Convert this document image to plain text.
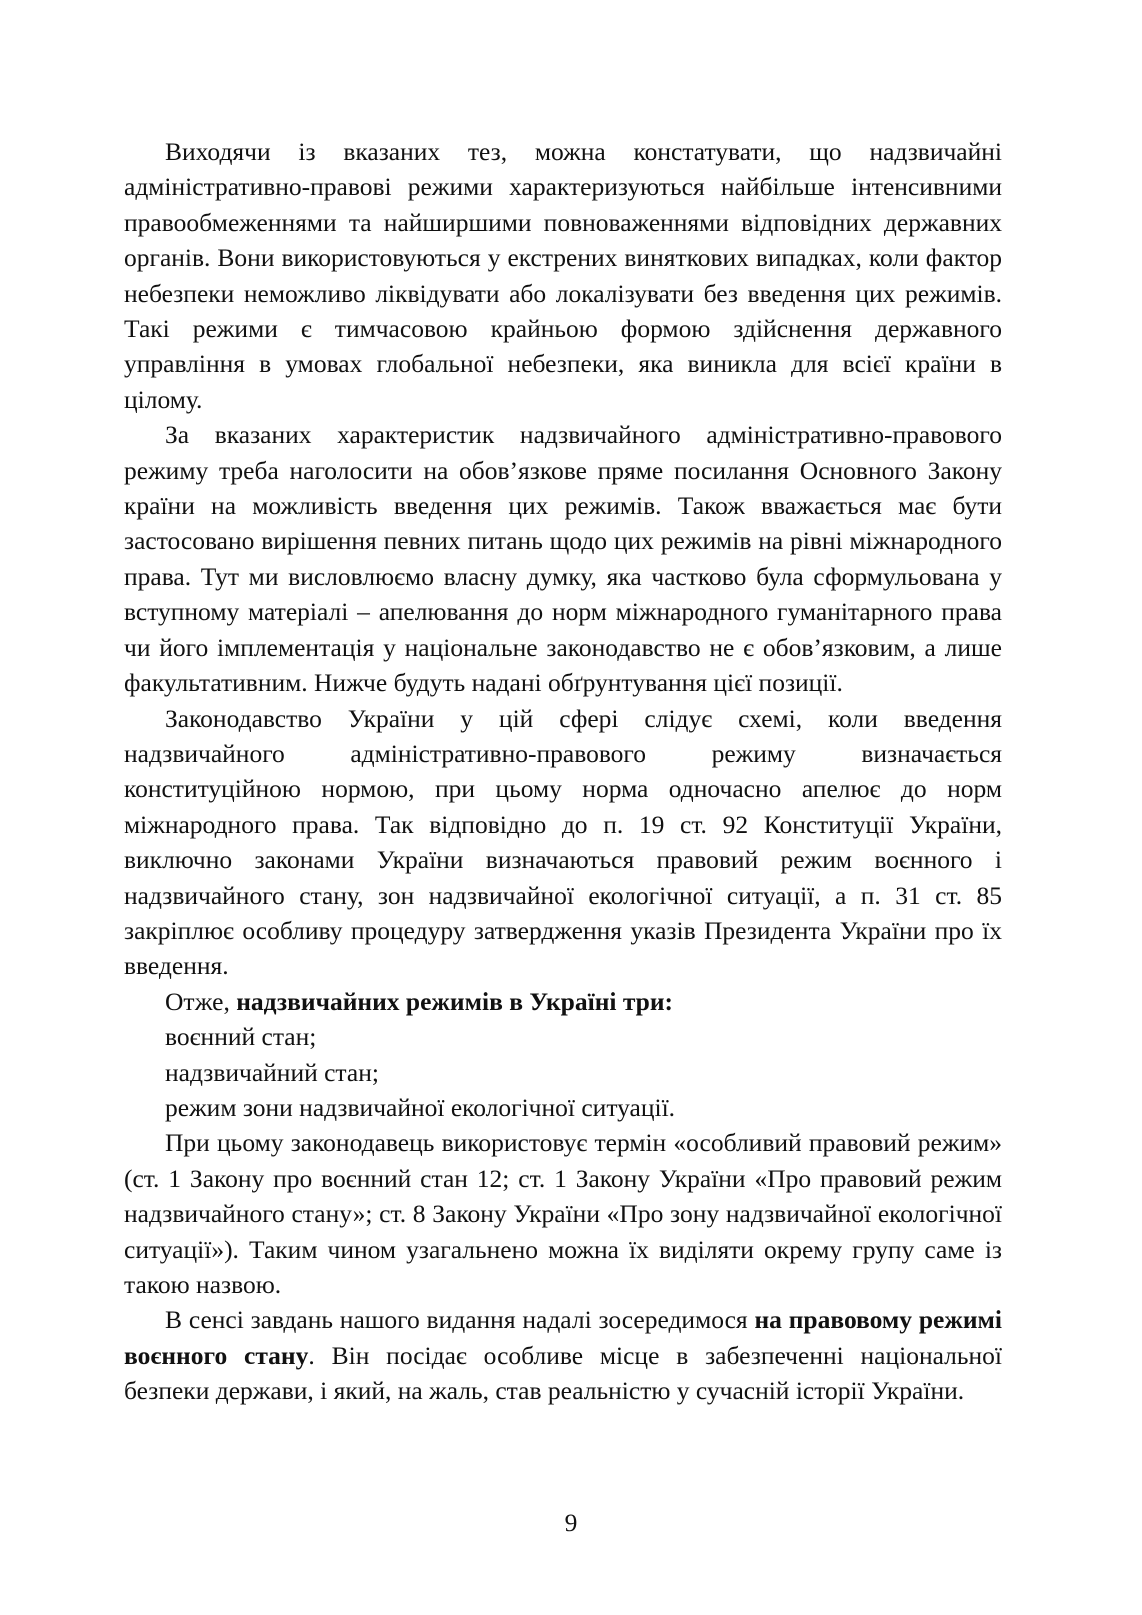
Виходячи із вказаних тез, можна констатувати, що надзвичайні адміністративно-правові режими характеризуються найбільше інтенсивними правообмеженнями та найширшими повноваженнями відповідних державних органів. Вони використовуються у екстрених виняткових випадках, коли фактор небезпеки неможливо ліквідувати або локалізувати без введення цих режимів. Такі режими є тимчасовою крайньою формою здійснення державного управління в умовах глобальної небезпеки, яка виникла для всієї країни в цілому.

За вказаних характеристик надзвичайного адміністративно-правового режиму треба наголосити на обов’язкове пряме посилання Основного Закону країни на можливість введення цих режимів. Також вважається має бути застосовано вирішення певних питань щодо цих режимів на рівні міжнародного права. Тут ми висловлюємо власну думку, яка частково була сформульована у вступному матеріалі – апелювання до норм міжнародного гуманітарного права чи його імплементація у національне законодавство не є обов’язковим, а лише факультативним. Нижче будуть надані обґрунтування цієї позиції.

Законодавство України у цій сфері слідує схемі, коли введення надзвичайного адміністративно-правового режиму визначається конституційною нормою, при цьому норма одночасно апелює до норм міжнародного права. Так відповідно до п. 19 ст. 92 Конституції України, виключно законами України визначаються правовий режим воєнного і надзвичайного стану, зон надзвичайної екологічної ситуації, а п. 31 ст. 85 закріплює особливу процедуру затвердження указів Президента України про їх введення.

Отже, надзвичайних режимів в Україні три:

воєнний стан;

надзвичайний стан;

режим зони надзвичайної екологічної ситуації.

При цьому законодавець використовує термін «особливий правовий режим» (ст. 1 Закону про воєнний стан 12; ст. 1 Закону України «Про правовий режим надзвичайного стану»; ст. 8 Закону України «Про зону надзвичайної екологічної ситуації»). Таким чином узагальнено можна їх виділяти окрему групу саме із такою назвою.

В сенсі завдань нашого видання надалі зосередимося на правовому режимі воєнного стану. Він посідає особливе місце в забезпеченні національної безпеки держави, і який, на жаль, став реальністю у сучасній історії України.

9
